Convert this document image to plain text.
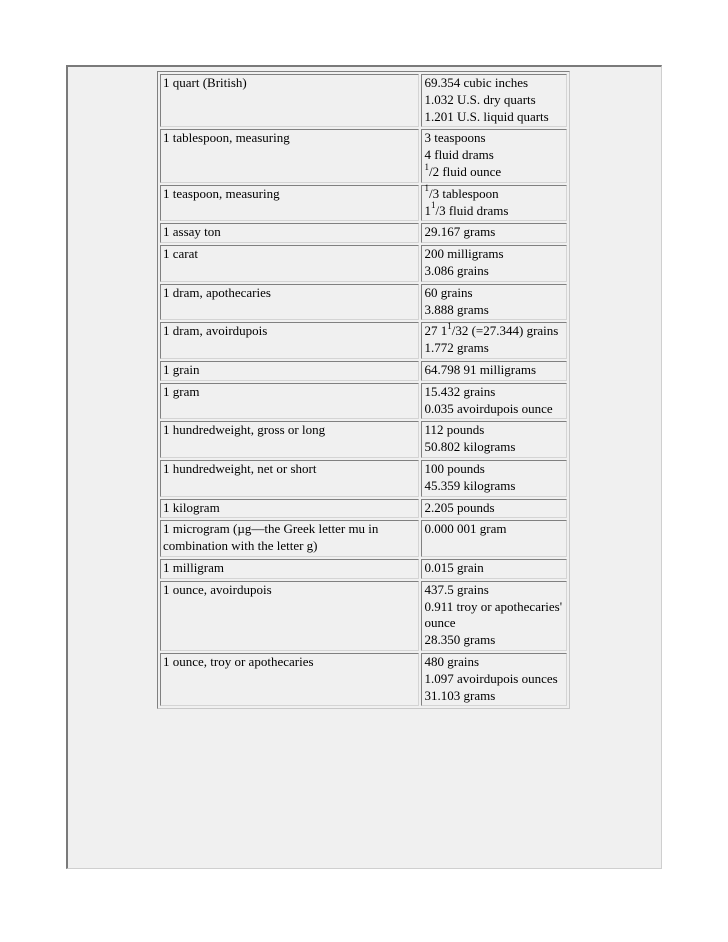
1 quart (British)	69.354 cubic inches
1.032 U.S. dry quarts
1.201 U.S. liquid quarts

1 tablespoon, measuring	3 teaspoons
4 fluid drams
$^1$/2 fluid ounce

1 teaspoon, measuring	$^1$/3 tablespoon
$1^1/3$ fluid drams

1 assay ton	29.167 grams

1 carat	200 milligrams
3.086 grains

1 dram, apothecaries	60 grains
3.888 grams

1 dram, avoirdupois	27 $1^1/32$ (=27.344) grains
1.772 grams

1 grain	64.798 91 milligrams

1 gram	15.432 grains
0.035 avoirdupois ounce

1 hundredweight, gross or long	112 pounds
50.802 kilograms

1 hundredweight, net or short	100 pounds
45.359 kilograms

1 kilogram	2.205 pounds

1 microgram (µg—the Greek letter mu in combination with the letter g)	0.000 001 gram

1 milligram	0.015 grain

1 ounce, avoirdupois	437.5 grains
0.911 troy or apothecaries' ounce
28.350 grams

1 ounce, troy or apothecaries	480 grains
1.097 avoirdupois ounces
31.103 grams
